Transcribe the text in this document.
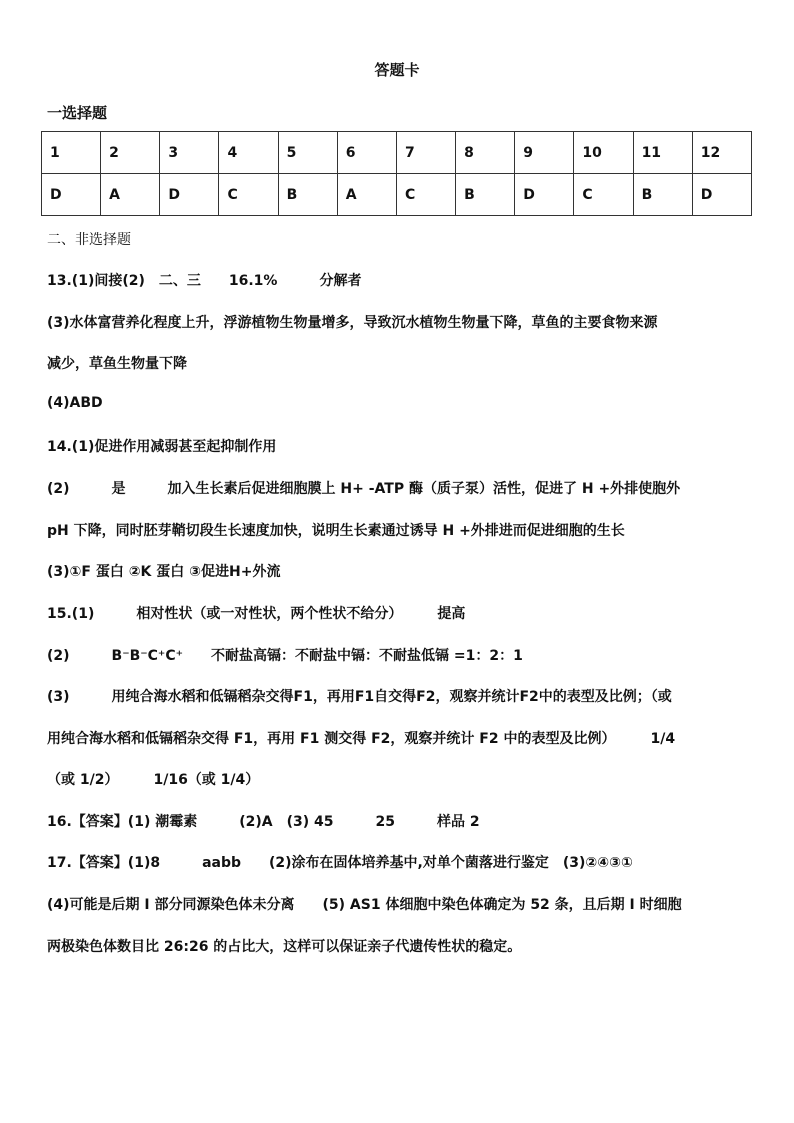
答题卡
一选择题
1	2	3	4	5	6	7	8	9	10	11	12
D	A	D	C	B	A	C	B	D	C	B	D
二、非选择题
13.(1)间接(2)　二、三　　16.1%　　　分解者
(3)水体富营养化程度上升，浮游植物生物量增多，导致沉水植物生物量下降，草鱼的主要食物来源
减少，草鱼生物量下降
(4)ABD
14.(1)促进作用减弱甚至起抑制作用
(2)　　　是　　　加入生长素后促进细胞膜上 H+ -ATP 酶（质子泵）活性，促进了 H +外排使胞外
pH 下降，同时胚芽鞘切段生长速度加快，说明生长素通过诱导 H +外排进而促进细胞的生长
(3)①F 蛋白 ②K 蛋白 ③促进H+外流
15.(1)　　　相对性状（或一对性状，两个性状不给分）　　　提高
(2)　　　B⁻B⁻C⁺C⁺　　不耐盐高镉：不耐盐中镉：不耐盐低镉 =1：2：1
(3)　　　用纯合海水稻和低镉稻杂交得F1，再用F1自交得F2，观察并统计F2中的表型及比例；（或
用纯合海水稻和低镉稻杂交得 F1，再用 F1 测交得 F2，观察并统计 F2 中的表型及比例）　　　1/4
（或 1/2）　　　1/16（或 1/4）
16.【答案】(1) 潮霉素　　　(2)A　(3) 45　　　25　　　样品 2
17.【答案】(1)8　　　aabb　　(2)涂布在固体培养基中,对单个菌落进行鉴定　(3)②④③①
(4)可能是后期 Ⅰ 部分同源染色体未分离　　(5) AS1 体细胞中染色体确定为 52 条，且后期 I 时细胞
两极染色体数目比 26:26 的占比大，这样可以保证亲子代遗传性状的稳定。
